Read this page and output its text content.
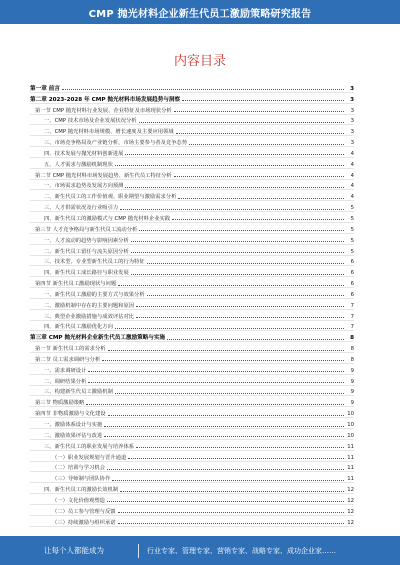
CMP 抛光材料企业新生代员工激励策略研究报告
内容目录
第一章 前言	3
第二章 2023-2028 年 CMP 抛光材料市场发展趋势与洞察	3
第一节 CMP 抛光材料行业发展、企业特征及市场现状分析	3
一、CMP 技术市场及企业发展状况分析	3
二、CMP 抛光材料市场规模、增长速度及主要应用领域	3
三、市场竞争格局及产业链分析，市场主要参与者及竞争态势	3
四、技术发展与抛光材料创新进展	4
五、人才需求与激励机制现状	4
第二节 CMP 抛光材料市场发展趋势、新生代员工特征分析	4
一、市场需求趋势及发展方向预测	4
二、新生代员工的工作价值观、职业期望与激励需求分析	4
三、人才供需状况及行业吸引力	5
四、新生代员工的激励模式与 CMP 抛光材料企业实践	5
第三节 人才竞争格局与新生代员工流动分析	5
一、人才流动的趋势与影响因素分析	5
二、新生代员工留任与流失原因分析	5
三、技术型、专业型新生代员工的行为特征	6
四、新生代员工成长路径与职业发展	6
第四节 新生代员工激励现状与问题	6
一、新生代员工激励的主要方式与效果分析	6
二、激励机制中存在的主要问题和原因	7
三、典型企业激励措施与成效评估对比	7
四、新生代员工激励优化方向	7
第三章 CMP 抛光材料企业新生代员工激励策略与实施	8
第一节 新生代员工的需求分析	8
第二节 员工需求调研与分析	8
一、需求调研设计	9
二、调研结果分析	9
三、构建新生代员工激励机制	9
第三节 物质激励策略	9
第四节 非物质激励与文化建设	10
一、激励体系设计与实施	10
二、激励效果评估与改进	10
三、新生代员工的职业发展与培养体系	11
（一）职业发展规划与晋升通道	11
（二）培训与学习机会	11
（三）导师制与团队协作	11
四、新生代员工的激励长效机制	12
（一）文化价值观塑造	12
（二）员工参与管理与反馈	12
（三）持续激励与组织承诺	12
让每个人都能成为	行业专家、管理专家、营销专家、战略专家、成功企业家……
